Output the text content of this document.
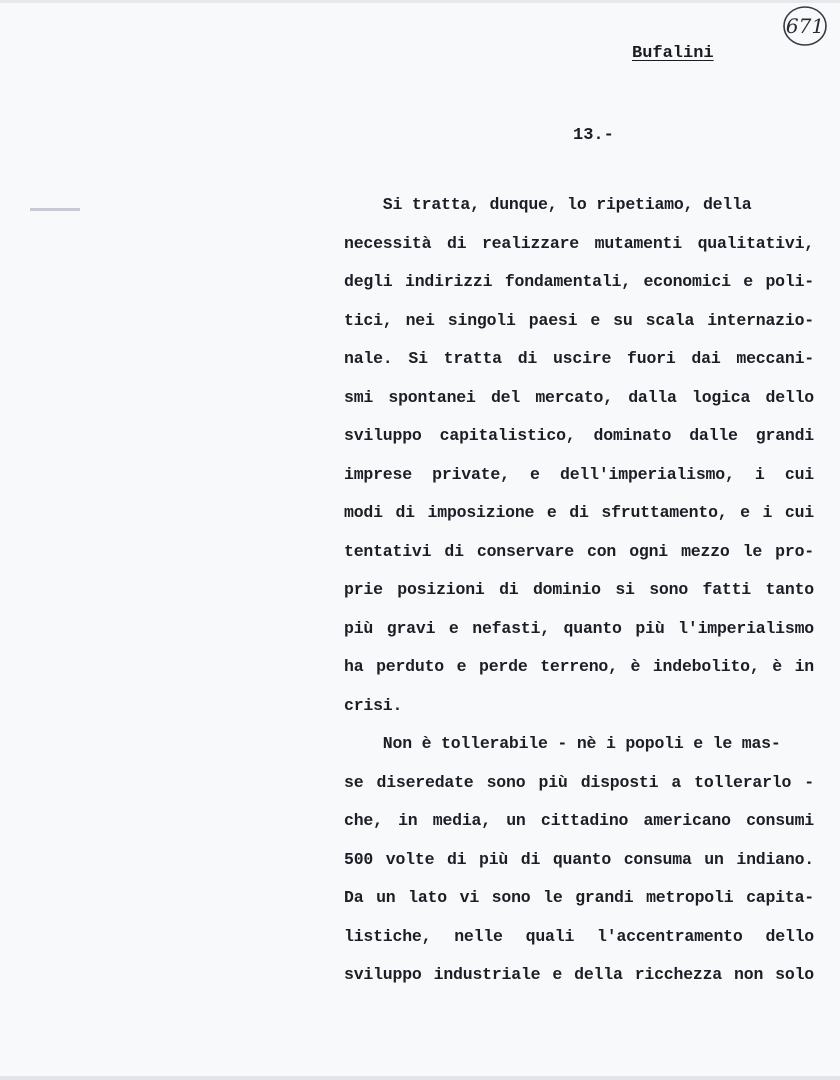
671
Bufalini
13.-
Si tratta, dunque, lo ripetiamo, della
necessità di realizzare mutamenti qualitativi,
degli indirizzi fondamentali, economici e poli-
tici, nei singoli paesi e su scala internazio-
nale. Si tratta di uscire fuori dai meccani-
smi spontanei del mercato, dalla logica dello
sviluppo capitalistico, dominato dalle grandi
imprese private, e dell'imperialismo, i cui
modi di imposizione e di sfruttamento, e i cui
tentativi di conservare con ogni mezzo le pro-
prie posizioni di dominio si sono fatti tanto
più gravi e nefasti, quanto più l'imperialismo
ha perduto e perde terreno, è indebolito, è in
crisi.
Non è tollerabile - nè i popoli e le mas-
se diseredate sono più disposti a tollerarlo -
che, in media, un cittadino americano consumi
500 volte di più di quanto consuma un indiano.
Da un lato vi sono le grandi metropoli capita-
listiche, nelle quali l'accentramento dello
sviluppo industriale e della ricchezza non solo
